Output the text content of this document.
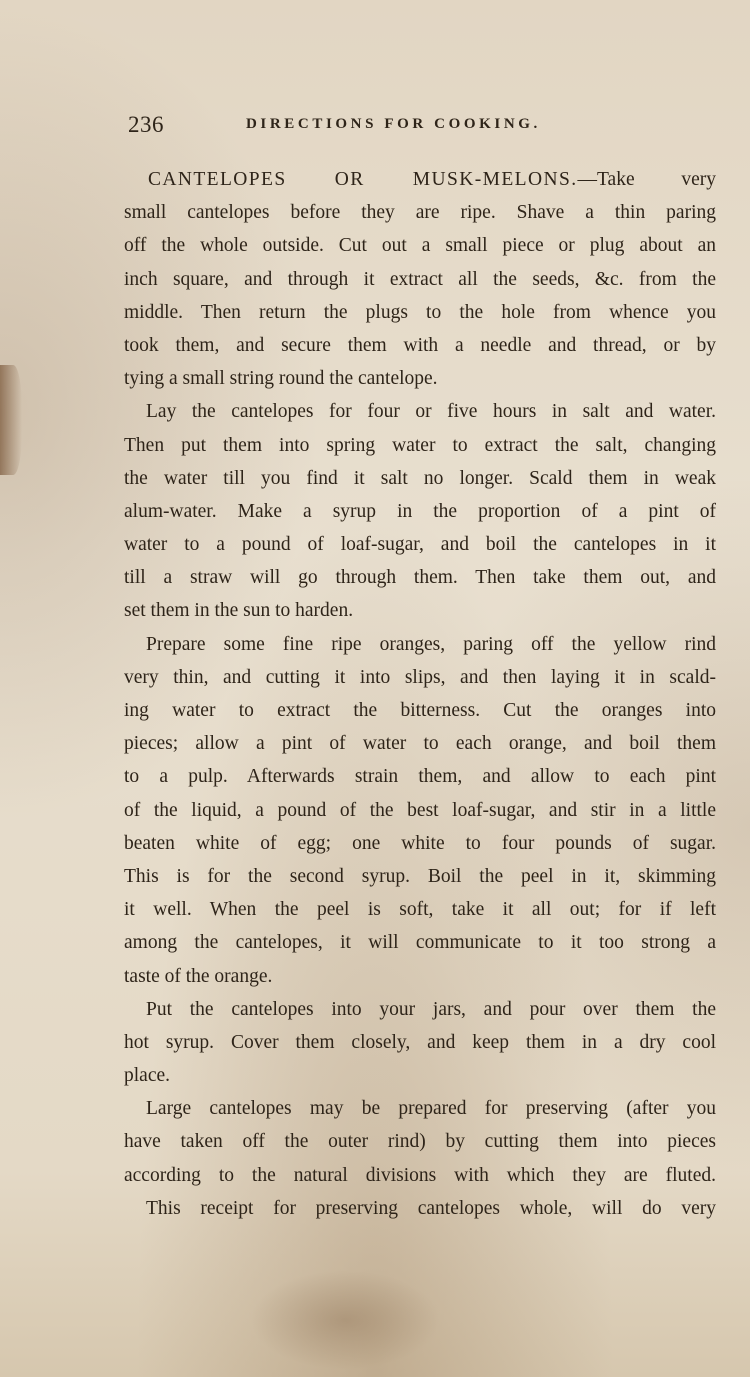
236	DIRECTIONS FOR COOKING.
CANTELOPES OR MUSK-MELONS.—Take very
small cantelopes before they are ripe. Shave a thin paring
off the whole outside. Cut out a small piece or plug about an
inch square, and through it extract all the seeds, &c. from the
middle. Then return the plugs to the hole from whence you
took them, and secure them with a needle and thread, or by
tying a small string round the cantelope.
Lay the cantelopes for four or five hours in salt and water.
Then put them into spring water to extract the salt, changing
the water till you find it salt no longer. Scald them in weak
alum-water. Make a syrup in the proportion of a pint of
water to a pound of loaf-sugar, and boil the cantelopes in it
till a straw will go through them. Then take them out, and
set them in the sun to harden.
Prepare some fine ripe oranges, paring off the yellow rind
very thin, and cutting it into slips, and then laying it in scald-
ing water to extract the bitterness. Cut the oranges into
pieces; allow a pint of water to each orange, and boil them
to a pulp. Afterwards strain them, and allow to each pint
of the liquid, a pound of the best loaf-sugar, and stir in a little
beaten white of egg; one white to four pounds of sugar.
This is for the second syrup. Boil the peel in it, skimming
it well. When the peel is soft, take it all out; for if left
among the cantelopes, it will communicate to it too strong a
taste of the orange.
Put the cantelopes into your jars, and pour over them the
hot syrup. Cover them closely, and keep them in a dry cool
place.
Large cantelopes may be prepared for preserving (after you
have taken off the outer rind) by cutting them into pieces
according to the natural divisions with which they are fluted.
This receipt for preserving cantelopes whole, will do very
